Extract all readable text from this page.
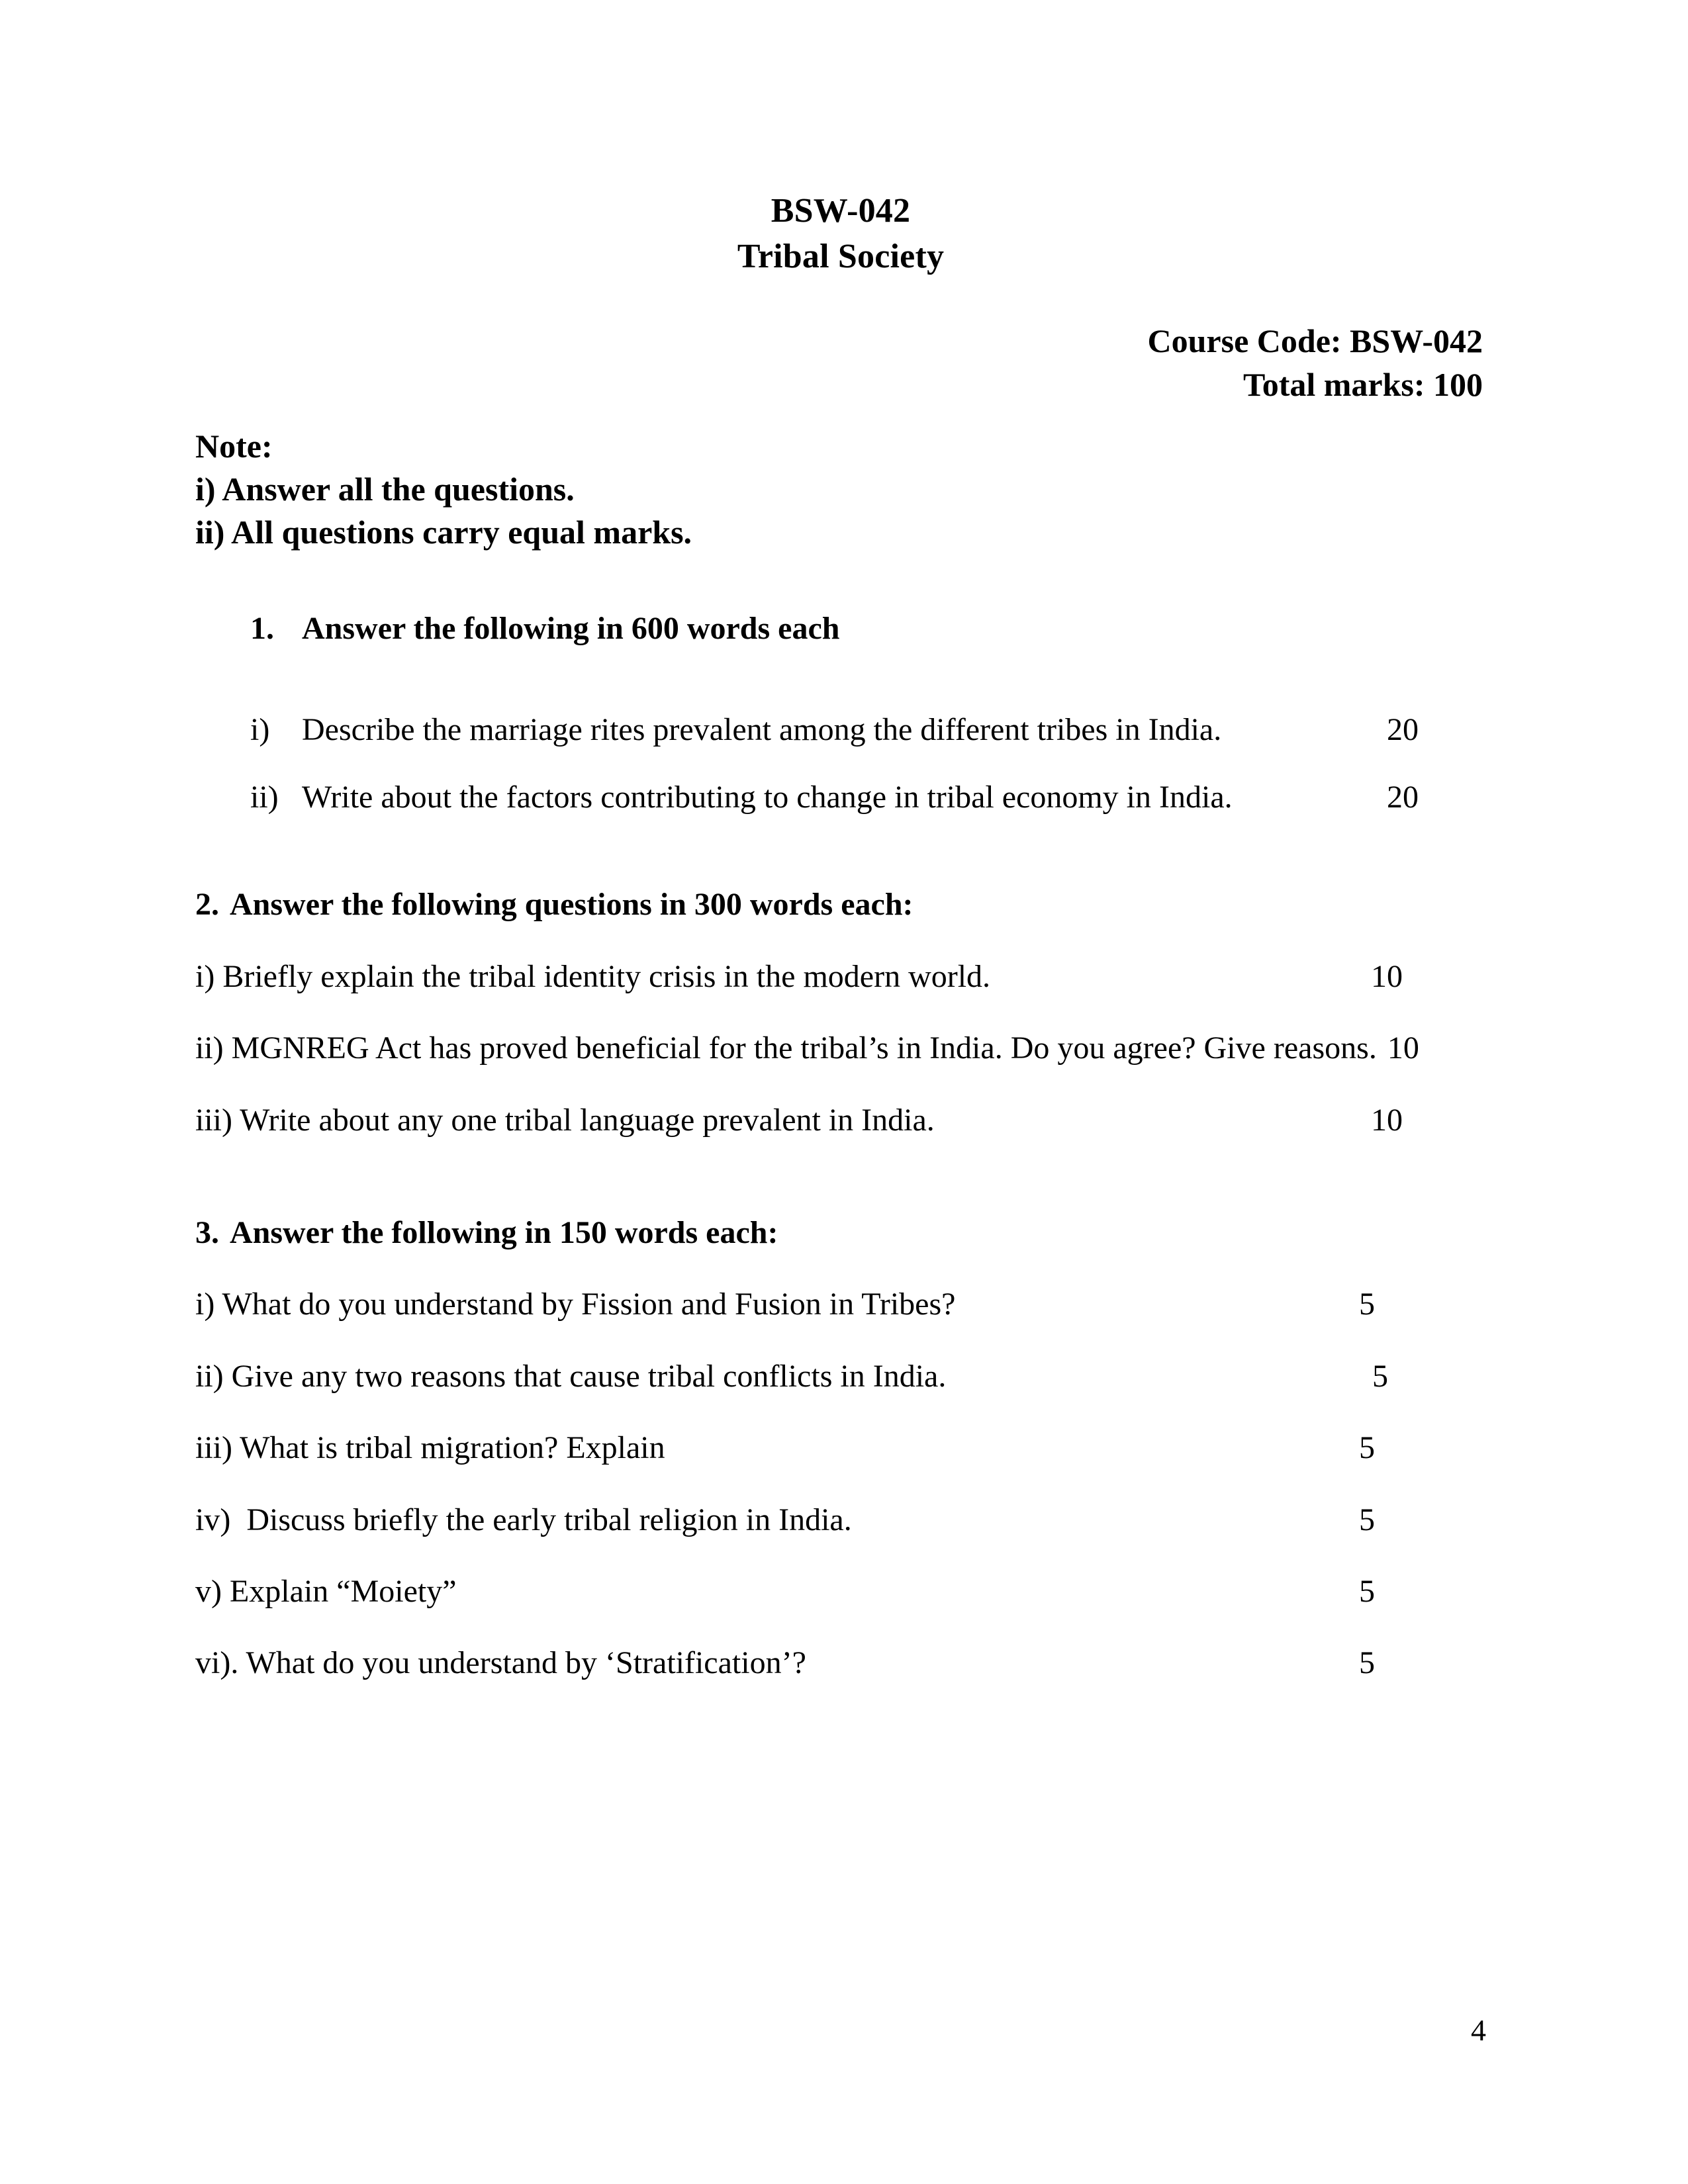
BSW-042
Tribal Society
Course Code: BSW-042
Total marks: 100
Note:
i) Answer all the questions.
ii) All questions carry equal marks.
1. Answer the following in 600 words each
i)	Describe the marriage rites prevalent among the different tribes in India.	20
ii) Write about the factors contributing to change in tribal economy in India.	20
2. Answer the following questions in 300 words each:
i) Briefly explain the tribal identity crisis in the modern world.	10
ii) MGNREG Act has proved beneficial for the tribal’s in India. Do you agree? Give reasons. 10
iii) Write about any one tribal language prevalent in India.	10
3. Answer the following in 150 words each:
i) What do you understand by Fission and Fusion in Tribes?	5
ii) Give any two reasons that cause tribal conflicts in India.	5
iii) What is tribal migration? Explain	5
iv)  Discuss briefly the early tribal religion in India.	5
v) Explain “Moiety”	5
vi). What do you understand by ‘Stratification’?	5
4
